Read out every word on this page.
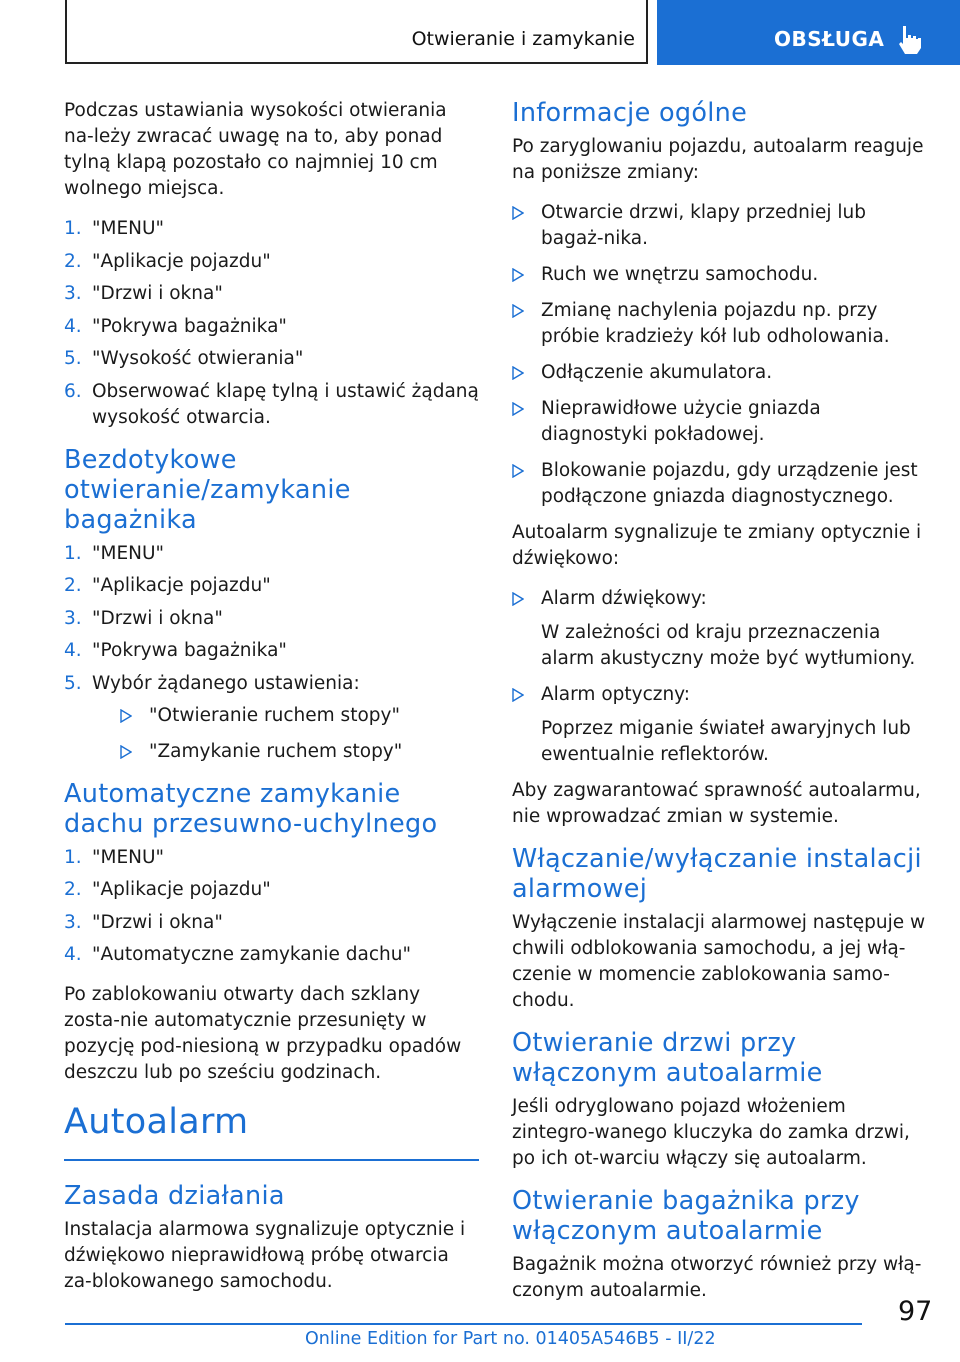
Otwieranie i zamykanie	OBSŁUGA

Podczas ustawiania wysokości otwierania na-leży zwracać uwagę na to, aby ponad tylną klapą pozostało co najmniej 10 cm wolnego miejsca.

1. "MENU"
2. "Aplikacje pojazdu"
3. "Drzwi i okna"
4. "Pokrywa bagażnika"
5. "Wysokość otwierania"
6. Obserwować klapę tylną i ustawić żądaną wysokość otwarcia.
Bezdotykowe otwieranie/zamykanie bagażnika
1. "MENU"
2. "Aplikacje pojazdu"
3. "Drzwi i okna"
4. "Pokrywa bagażnika"
5. Wybór żądanego ustawienia:
"Otwieranie ruchem stopy"
"Zamykanie ruchem stopy"
Automatyczne zamykanie dachu przesuwno-uchylnego
1. "MENU"
2. "Aplikacje pojazdu"
3. "Drzwi i okna"
4. "Automatyczne zamykanie dachu"

Po zablokowaniu otwarty dach szklany zosta-nie automatycznie przesunięty w pozycję pod-niesioną w przypadku opadów deszczu lub po sześciu godzinach.

Autoalarm
Zasada działania

Instalacja alarmowa sygnalizuje optycznie i dźwiękowo nieprawidłową próbę otwarcia za-blokowanego samochodu.

Informacje ogólne

Po zaryglowaniu pojazdu, autoalarm reaguje na poniższe zmiany:

Otwarcie drzwi, klapy przedniej lub bagaż-nika.
Ruch we wnętrzu samochodu.
Zmianę nachylenia pojazdu np. przy próbie kradzieży kół lub odholowania.
Odłączenie akumulatora.
Nieprawidłowe użycie gniazda diagnostyki pokładowej.
Blokowanie pojazdu, gdy urządzenie jest podłączone gniazda diagnostycznego.

Autoalarm sygnalizuje te zmiany optycznie i dźwiękowo:

Alarm dźwiękowy:
W zależności od kraju przeznaczenia alarm akustyczny może być wytłumiony.
Alarm optyczny:
Poprzez miganie świateł awaryjnych lub ewentualnie reflektorów.

Aby zagwarantować sprawność autoalarmu, nie wprowadzać zmian w systemie.

Włączanie/wyłączanie instalacji alarmowej

Wyłączenie instalacji alarmowej następuje w chwili odblokowania samochodu, a jej włą-czenie w momencie zablokowania samo-chodu.

Otwieranie drzwi przy włączonym autoalarmie

Jeśli odryglowano pojazd włożeniem zintegro-wanego kluczyka do zamka drzwi, po ich ot-warciu włączy się autoalarm.

Otwieranie bagażnika przy włączonym autoalarmie

Bagażnik można otworzyć również przy włą-czonym autoalarmie.

97
Online Edition for Part no. 01405A546B5 - II/22
